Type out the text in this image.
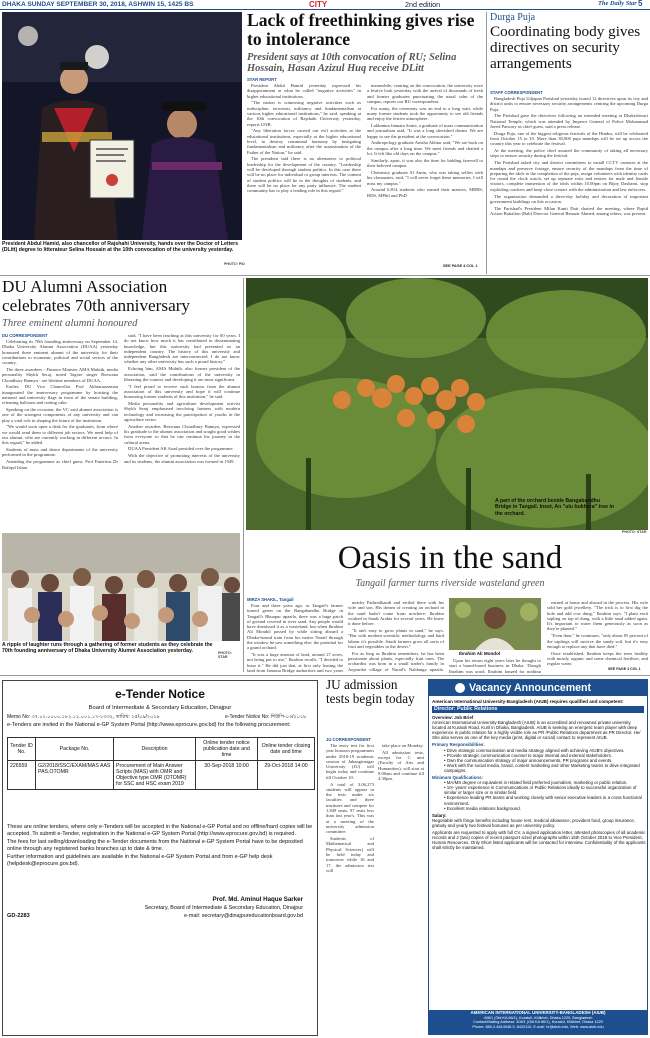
DHAKA SUNDAY SEPTEMBER 30, 2018, ASHWIN 15, 1425 BS	CITY	2nd edition	The Daily Star 5
President Abdul Hamid, also chancellor of Rajshahi University, hands over the Doctor of Letters (DLitt) degree to litterateur Selina Hossain at the 10th convocation of the university yesterday.
PHOTO: PID
Lack of freethinking gives rise to intolerance
President says at 10th convocation of RU; Selina Hossain, Hasan Azizul Huq receive DLitt
STAR REPORT

President Abdul Hamid yesterday expressed his disappointment at what he called "negative activities" in higher educational institutions.

"The nation is witnessing negative activities such as indiscipline, terrorism, militancy and fundamentalism at various higher educational institutions," he said, speaking at the 10th convocation of Rajshahi University yesterday, reports UNB.

"Any liberation forces carried out evil activities at the educational institutions, especially at the higher educational level, to destroy communal harmony by instigating fundamentalism and militancy after the assassination of the Father of the Nation," he said.

The president said there is no alternative to political leadership for the development of the country. "Leadership will be developed through student politics. In this case there will be no place for individual or group interests. The content of student politics will be in the thoughts of students, and there will be no place for any party influence. The student community has to play a leading role in this regard."

meanwhile, centring on the convocation, the university wore a festive look yesterday with the arrival of thousands of fresh and former graduates punctuating the usual calm of the campus, reports our RU correspondent.

For many, the ceremony was an end to a long wait, while many former students took the opportunity to see old friends and enjoy the festive atmosphere.

Lakhmina Jannatu Sonia, a graduate of mass communication and journalism said, "It was a long cherished dream. We are happy to see the president at the convocation."

Anthropology graduate Anisha Akhtar said, "We are back on the campus after a long time. We meet friends and chatted a lot. It felt like old days on the campus."

Similarly, apart, it was also the time for bidding farewell to their beloved campus.

Chemistry graduate Al Amin, who was taking selfies with his classmates, said, "I will never forget these memories. I will miss my campus."

Around 6,814 students who earned their masters, MBBS, BDS, MPhil and PhD

SEE PAGE 4 COL 1
Durga Puja
Coordinating body gives directives on security arrangements
STAFF CORRESPONDENT

Bangladesh Puja Udjapan Parishad yesterday issued 12 directives upon its city and district units to ensure necessary security arrangements centring the upcoming Durga Puja.

The Parishad gave the directives following an extended meeting at Dhakeshwari National Temple, which was attended by Imperor General of Police Mohammad Javed Patwary as chief guest, said a press release.

Durga Puja, one of the biggest religious festivals of the Hindus, will be celebrated from October 15 to 19. More than 30,000 puja mandaps will be set up across the country this year to celebrate the festival.

At the meeting, the police chief assured the community of taking all necessary steps to ensure security during the festival.

The Parishad asked city and district committees to install CCTV cameras at the mandaps and preserve footage, ensure security of the mandaps from the time of preparing the idols to the completion of the puja, assign volunteers with identity cards for round the clock watch, set up separate exits and entries for male and female visitors, complete immersion of the idols within 10.00pm on Bijoy Dashami, stop exploding crackers and keep close contact with the administration and law enforcers.

The organisation demanded a three-day holiday and decoration of important government buildings on this occasion.

The Parishad's President Milan Kanti Dutt chaired the meeting, where Rapid Action Battalion (Rab) Director General Benazir Ahmed, among others, was present.

DU Alumni Association celebrates 70th anniversary
Three eminent alumni honoured
DU CORRESPONDENT

Celebrating its 70th founding anniversary on September 14, Dhaka University Alumni Association (DUAA) yesterday honoured three eminent alumni of the university for their contributions to economic, political and social sectors of the country.

The three awardees - Finance Minister AMA Muhith, media personality Shykh Seraj, noted Tagore singer Rezwana Choudhury Bannya - are lifetime members of DUAA.

Earlier, DU Vice Chancellor Prof Akhtaruzzaman inaugurated the anniversary programme by hoisting the national and university flags in front of the senate building, releasing balloons and cutting cake.

Speaking on the occasion, the VC said alumni association is one of the strongest components of any university and can play a vital role in shaping the future of the institution.

"We would soon open a desk for the graduates, from where we would send them to different job sectors. We need help of our alumni, who are currently working in different sectors. In this regard," he added.

Students of mass and dance departments of the university performed in the programme.

Attending the programme as chief guest, Prof Emeritus Dr Rafiqul Islam

said, "I have been teaching at this university for 60 years. I do not know how much it has contributed in disseminating knowledge, but this university had presented us an independent country. The history of this university and independent Bangladesh are interconnected. I do not know whether any other university has such a proud history."

Echoing him, AMA Muhith, also former president of the association, said the contributions of the university in liberating the country and developing it are most significant.

"I feel proud to receive such honour from the alumni association of this university and hope it will continue honouring former students of this institution," he said.

Media personality and agriculture development activist Shykh Seraj emphasised involving farmers with modern technology and increasing the participation of youths in the agriculture sector.

Another awardee, Rezwana Choudhury Bannya, expressed his gratitude to the alumni association and sought good wishes from everyone so that he can continue his journey in the cultural arena.

DUAA President AK Azad presided over the programme.

With the objective of promoting interests of the university and its students, the alumni association was formed in 1949.

A ripple of laughter runs through a gathering of former students as they celebrate the 70th founding anniversary of Dhaka University Alumni Association yesterday.	PHOTO: STAR
A part of the orchard beside Bangabandhu Bridge in Tangail. Inset, An "ulu bukhara" tree in the orchard.
PHOTO: STAR
Oasis in the sand
Tangail farmer turns riverside wasteland green
MIRZA SHAKIL, Tangail

Four and three years ago, as Tangail's farmer turned green on the Bangabandhu Bridge in Tangail's Bhuapur upazila, there was a huge patch of ground covered in river sand. Any people would have dismissed it as a wasteland, but when Ibrahim Ali Mondol passed by while sitting aboard a Dhaka-bound train from his native Narail through the window he saw something else: the potential for a grand orchard.

"It was a huge amount of land, around 27 acres, not being put to use," Ibrahim recalls. "I decided to lease it." He did just that, at first only leasing the land from Jamuna Bridge authorities and two years

nearby Pathrailkandi and settled there with his wife and son. His dream of creating an orchard in the sand hadn't come from nowhere: Ibrahim worked in Saudi Arabia for several years. He knew it done before.

"It ain't easy to grow plants in sand," he says. "But with modern scientific methodology and hard labour it's possible. Saudi farmers grow all sorts of fruit and vegetables in the desert."

For as long as Ibrahim remembers, he has been passionate about plants, especially fruit ones. The orchardist was born in a small trader's family in Joypurdai village of Narail's Naldanga upazila.

Ibrahim Ali Mondol

Upon his return eight years later he thought to start a brand-based business in Dhaka. Though Ibrahim was good, Ibrahim longed for nothing

earned at home and abroad in the process. His wife sold her gold jewellery. "The trick is to first dig the hole and add cow dung," Ibrahim says. "I plant each sapling on top of dung, with a little sand added again. It's important to water them generously as soon as they're planted."

"Even then," he continues, "only about 85 percent of the saplings will survive the sandy soil, but it's easy enough to replace any that have died."

Once established, Ibrahim keeps the trees healthy with mostly organic and some chemical fertiliser, and regular water.

SEE PAGE 4 COL 1
e-Tender Notice
Board of Intermediate & Secondary Education, Dinajpur
Memo No: ৩৭.০২.০০০০.১৮২.১২.০০১.১৭-১৩৩২, তারিখ: ২৫/০৯/২০১৮	e-Tender Notice No: শিউপি-০৩/২০১৮
e-Tenders are invited in the National e-GP System Portal (http://www.eprocure.gov.bd) for the following procurement:
Tender ID No.	Package No.	Description	Online tender notice publication date and time	Online tender closing date and time
226559	G2/2018/SSC/EXAM/MAS AAS PAS.OTOMR	Procurement of Main Answer Scripts (MAS) with OMR and Objective type OMR (OTOMR) for SSC and HSC exam 2019	30-Sep-2018 10:00	29-Oct-2018 14:00

These are online tenders, where only e-Tenders will be accepted in the National e-GP Portal and no offline/hard copies will be accepted. To submit e-Tender, registration in the National e-GP System Portal (http://www.eprocure.gov.bd) is required.

The fees for last selling/downloading the e-Tender documents from the National e-GP System Portal have to be deposited online through any registered banks branches up to date & time.

Further information and guidelines are available in the National e-GP System Portal and from e-GP help desk (helpdesk@eprocure.gov.bd).

Prof. Md. Aminul Haque Sarker
Secretary, Board of Intermediate & Secondary Education, Dinajpur
e-mail: secretary@dinajpureducationboard.gov.bd
GD-2283
JU admission tests begin today
JU CORRESPONDENT

The entry test for first year honours programmes under 2018-19 academic session of Jahangirnagar University (JU) will begin today and continue till October 10.

A total of 3,06,273 students will appear in the tests under six faculties and three institutes and compete for 1,849 seats, 97 seats less than last year's. This was at a meeting of the university admission committee.

Students of Mathematical and Physical Sciences) will be held today and tomorrow while 16 and 17, the admission test will

take place on Monday.

All admission tests, except for C unit (Faculty of Arts and Humanities), will start at 9.00am and continue till 4.30pm.

Vacancy Announcement
American International University-Bangladesh (AIUB) requires qualified and competent:
Director: Public Relations
Overview: Job Brief
American International University-Bangladesh (AIUB) is an accredited and renowned private university located at Kuratoli Road, Kuril in Dhaka, Bangladesh. AIUB is seeking an energetic team player with deep experience in public relation for a highly visible role as PR /Public Relations department as PR Director. He/ She also serves as one of the key media (print, digital or social) contact to represent AIUB.
Primary Responsibilities:
• Drive strategic communication and media strategy aligned with achieving AIUB's objectives.
• Provide strategic communication counsel to major internal and external stakeholders.
• Own the communication strategy of major announcements, PR programs and events.
• Work with the social media, brand, content marketing and other Marketing teams to drive integrated campaigns.
Minimum Qualifications:
• MA/MS degree or equivalent in related field preferred journalism, marketing or public relation.
• 10+ years' experience in Communications or Public Relations ideally to successful organization of similar or larger size or in similar field.
• Experience leading PR teams and working closely with senior executive leaders in a cross functional environment.
• Excellent media relations background.
Salary:
Negotiable with fringe benefits including house rent, medical allowance, provident fund, group insurance, gratuity and yearly two festival bonuses as per university policy.
Applicants are requested to apply with full CV, a signed application letter, attested photocopies of all academic records and 2 (two) copies of recent passport sized photographs within 15th October 2018 to Vice President, Human Resources. Only Short listed applicants will be contacted for interview. Confidentiality of the applicants shall strictly be maintained.
AMERICAN INTERNATIONAL UNIVERSITY-BANGLADESH (AIUB)
408/1 (Old KA 66/1), Kuratoli, Khilkhet, Dhaka 1229, Bangladesh
Contact/Mailing Address: 408/1 (Old KA 66/1), Kuratoli, Khilkhet, Dhaka 1229
Phone: 880-2-8414046-9, 8420110, E-mail: hr@aiub.edu, Web: www.aiub.edu
